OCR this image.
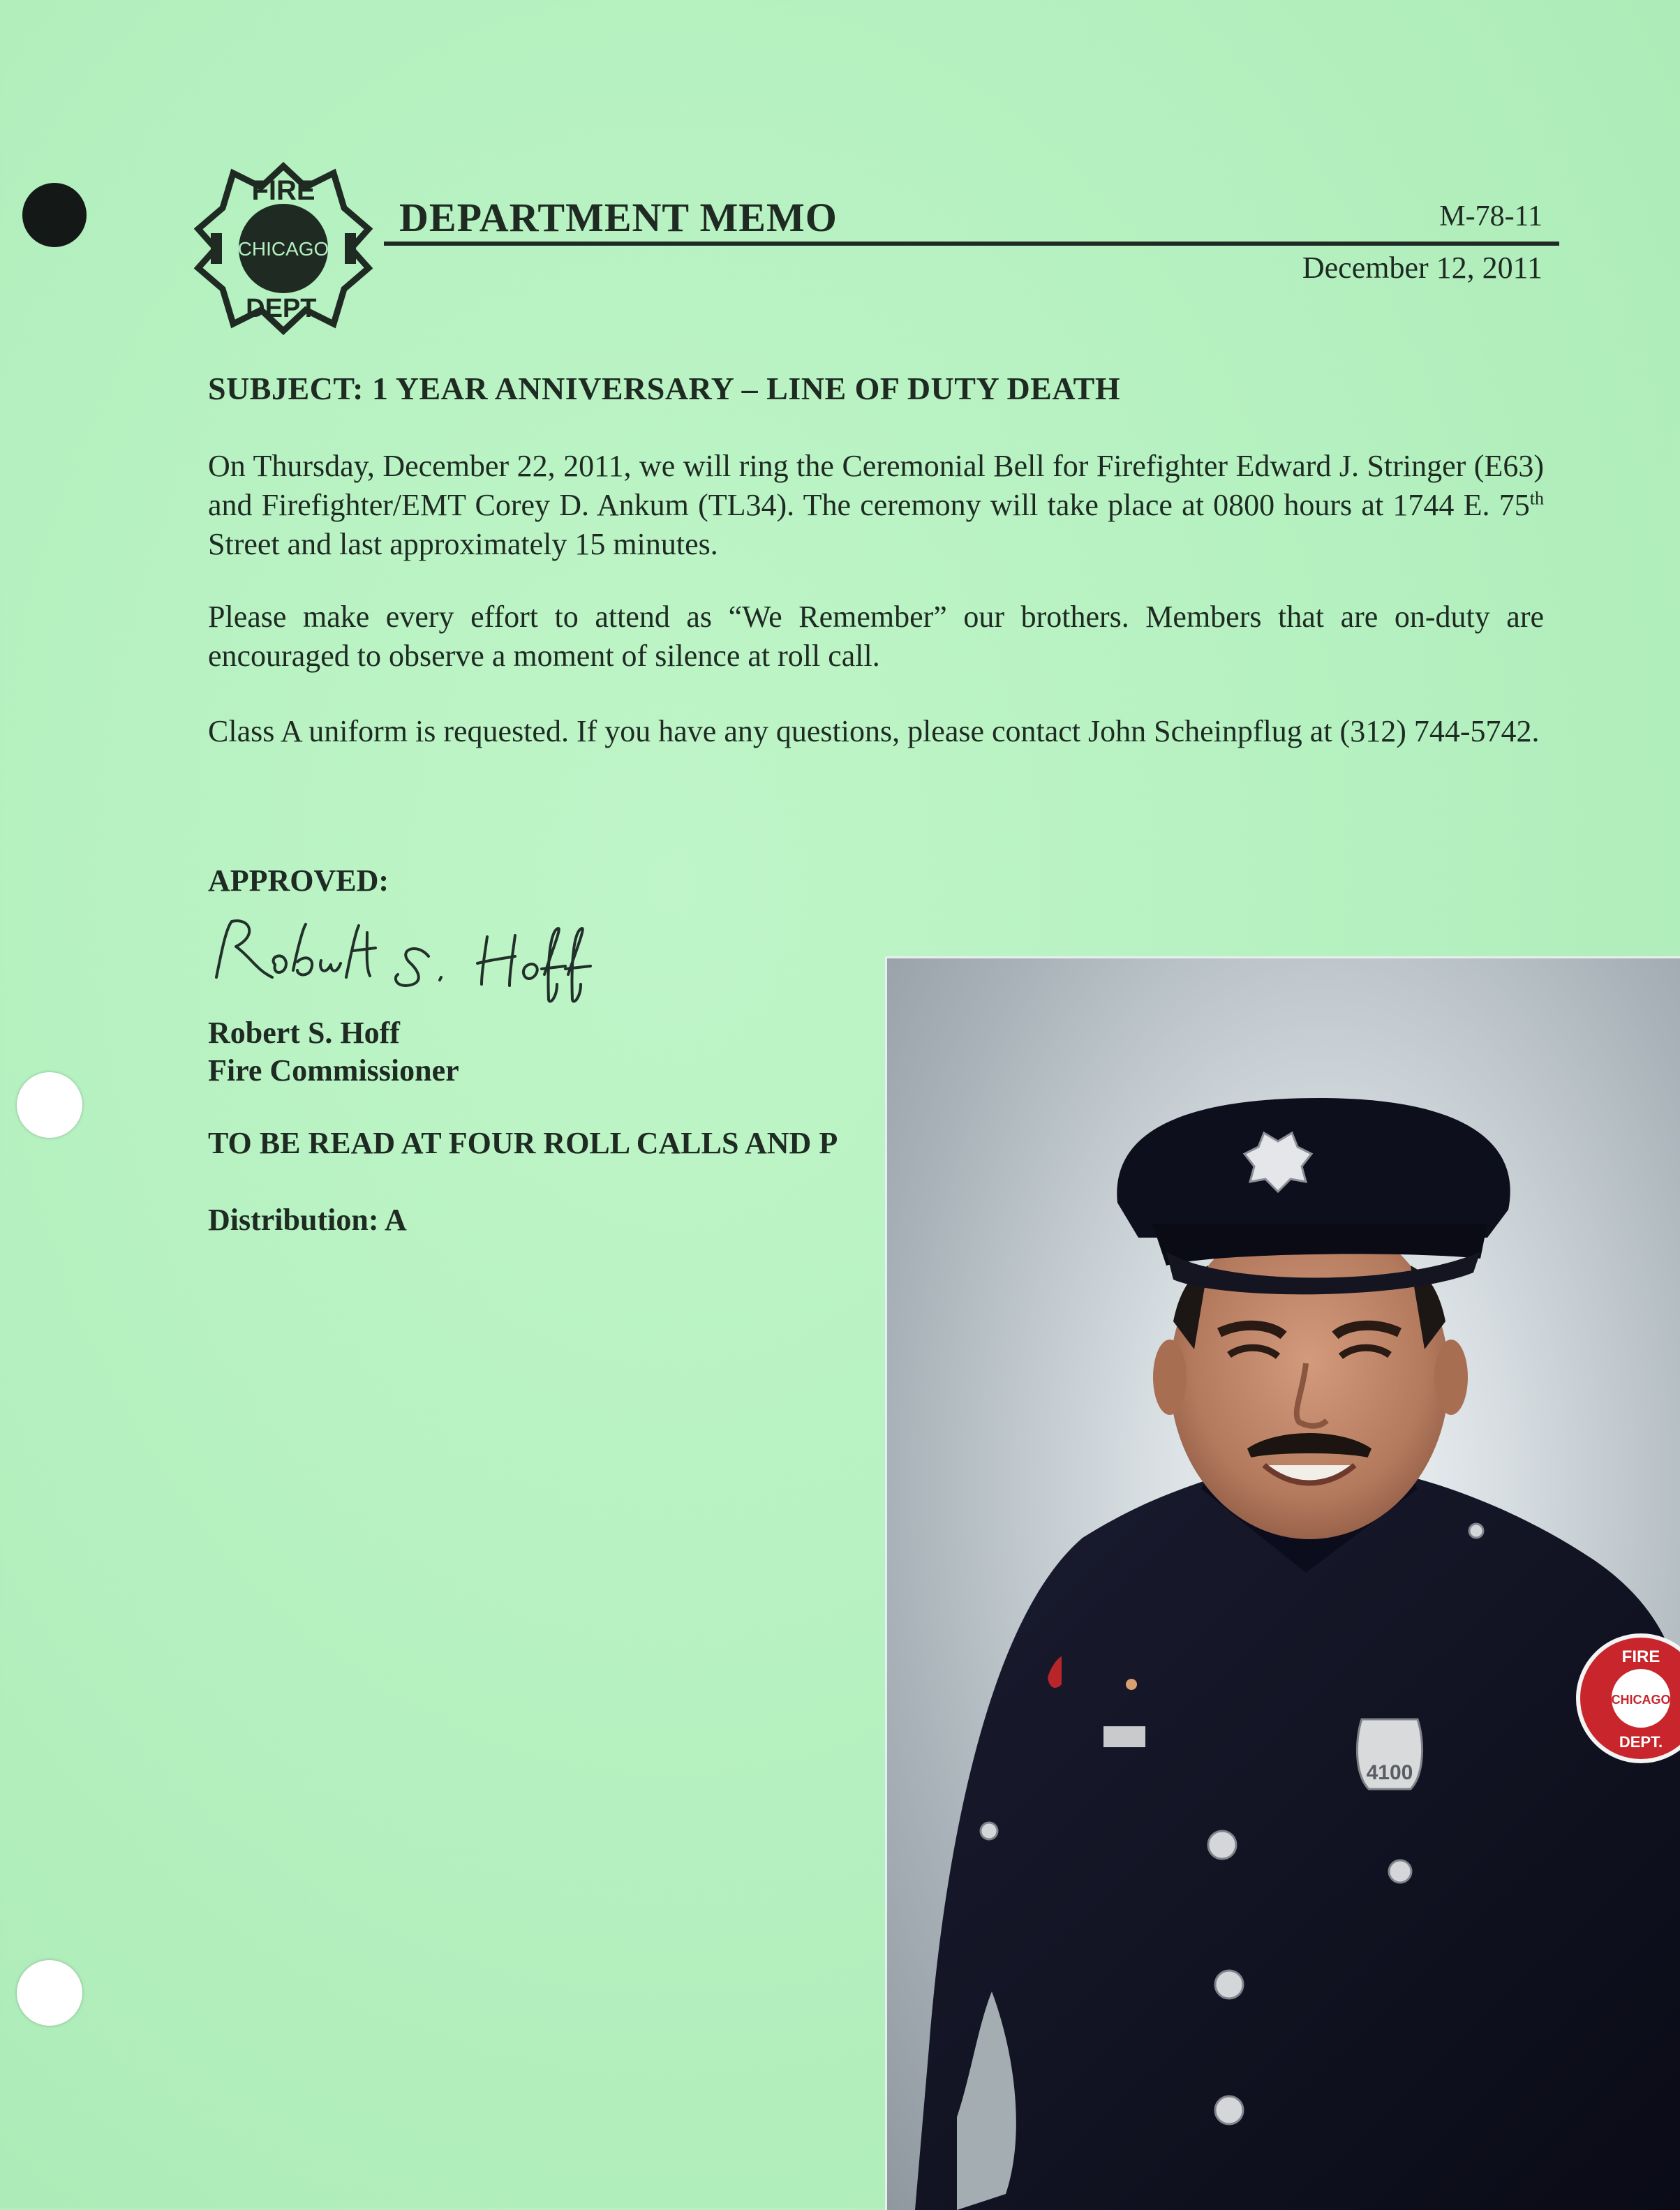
FIRE
CHICAGO
DEPT.
DEPARTMENT MEMO	M-78-11
December 12, 2011
SUBJECT: 1 YEAR ANNIVERSARY – LINE OF DUTY DEATH
On Thursday, December 22, 2011, we will ring the Ceremonial Bell for Firefighter Edward J. Stringer (E63) and Firefighter/EMT Corey D. Ankum (TL34). The ceremony will take place at 0800 hours at 1744 E. 75th Street and last approximately 15 minutes.
Please make every effort to attend as “We Remember” our brothers. Members that are on-duty are encouraged to observe a moment of silence at roll call.
Class A uniform is requested. If you have any questions, please contact John Scheinpflug at (312) 744-5742.
APPROVED:
Robert S. Hoff
Robert S. Hoff
Fire Commissioner
TO BE READ AT FOUR ROLL CALLS AND P
Distribution: A
4100
FIRE
CHICAGO
DEPT.
